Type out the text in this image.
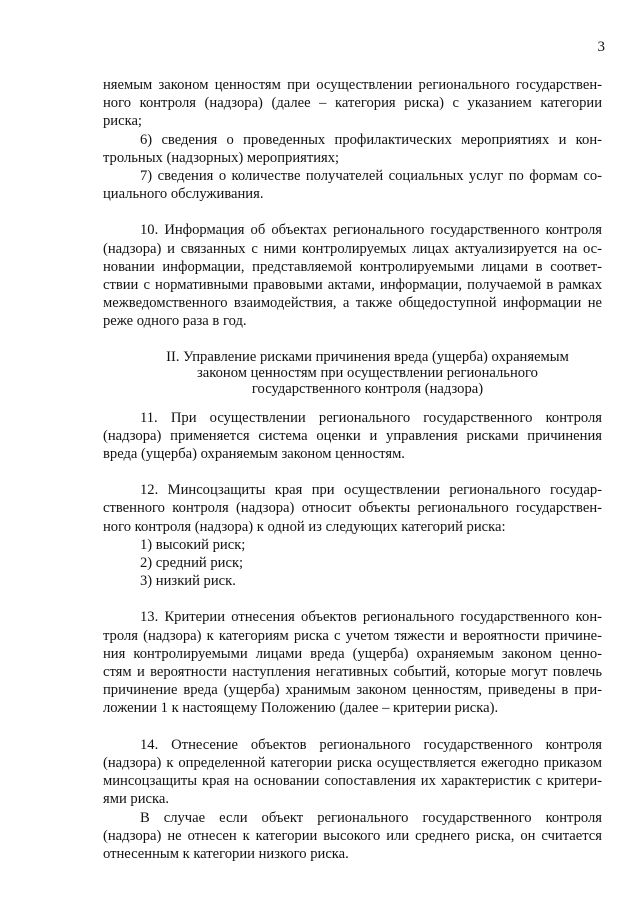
3
няемым законом ценностям при осуществлении регионального государствен-
ного контроля (надзора) (далее – категория риска) с указанием категории
риска;
6) сведения о проведенных профилактических мероприятиях и кон-
трольных (надзорных) мероприятиях;
7) сведения о количестве получателей социальных услуг по формам со-
циального обслуживания.
10. Информация об объектах регионального государственного контроля
(надзора) и связанных с ними контролируемых лицах актуализируется на ос-
новании информации, представляемой контролируемыми лицами в соответ-
ствии с нормативными правовыми актами, информации, получаемой в рамках
межведомственного взаимодействия, а также общедоступной информации не
реже одного раза в год.
II. Управление рисками причинения вреда (ущерба) охраняемым
законом ценностям при осуществлении регионального
государственного контроля (надзора)
11. При осуществлении регионального государственного контроля
(надзора) применяется система оценки и управления рисками причинения
вреда (ущерба) охраняемым законом ценностям.
12. Минсоцзащиты края при осуществлении регионального государ-
ственного контроля (надзора) относит объекты регионального государствен-
ного контроля (надзора) к одной из следующих категорий риска:
1) высокий риск;
2) средний риск;
3) низкий риск.
13. Критерии отнесения объектов регионального государственного кон-
троля (надзора) к категориям риска с учетом тяжести и вероятности причине-
ния контролируемыми лицами вреда (ущерба) охраняемым законом ценно-
стям и вероятности наступления негативных событий, которые могут повлечь
причинение вреда (ущерба) хранимым законом ценностям, приведены в при-
ложении 1 к настоящему Положению (далее – критерии риска).
14. Отнесение объектов регионального государственного контроля
(надзора) к определенной категории риска осуществляется ежегодно приказом
минсоцзащиты края на основании сопоставления их характеристик с критери-
ями риска.
В случае если объект регионального государственного контроля
(надзора) не отнесен к категории высокого или среднего риска, он считается
отнесенным к категории низкого риска.
